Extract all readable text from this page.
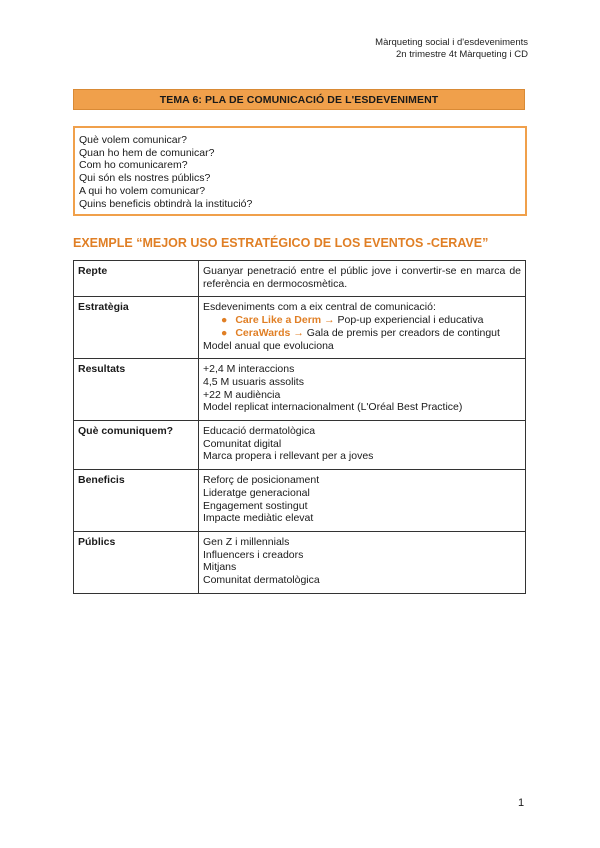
Màrqueting social i d'esdeveniments
2n trimestre 4t Màrqueting i CD
TEMA 6: PLA DE COMUNICACIÓ DE L'ESDEVENIMENT
Què volem comunicar?
Quan ho hem de comunicar?
Com ho comunicarem?
Qui són els nostres públics?
A qui ho volem comunicar?
Quins beneficis obtindrà la institució?
EXEMPLE “MEJOR USO ESTRATÉGICO DE LOS EVENTOS -CERAVE”
Repte	Guanyar penetració entre el públic jove i convertir-se en marca de referència en dermocosmètica.

Estratègia	Esdeveniments com a eix central de comunicació:
● Care Like a Derm → Pop-up experiencial i educativa
● CeraWards → Gala de premis per creadors de contingut
Model anual que evoluciona

Resultats	+2,4 M interaccions
4,5 M usuaris assolits
+22 M audiència
Model replicat internacionalment (L'Oréal Best Practice)

Què comuniquem?	Educació dermatològica
Comunitat digital
Marca propera i rellevant per a joves

Beneficis	Reforç de posicionament
Lideratge generacional
Engagement sostingut
Impacte mediàtic elevat

Públics	Gen Z i millennials
Influencers i creadors
Mitjans
Comunitat dermatològica
1
